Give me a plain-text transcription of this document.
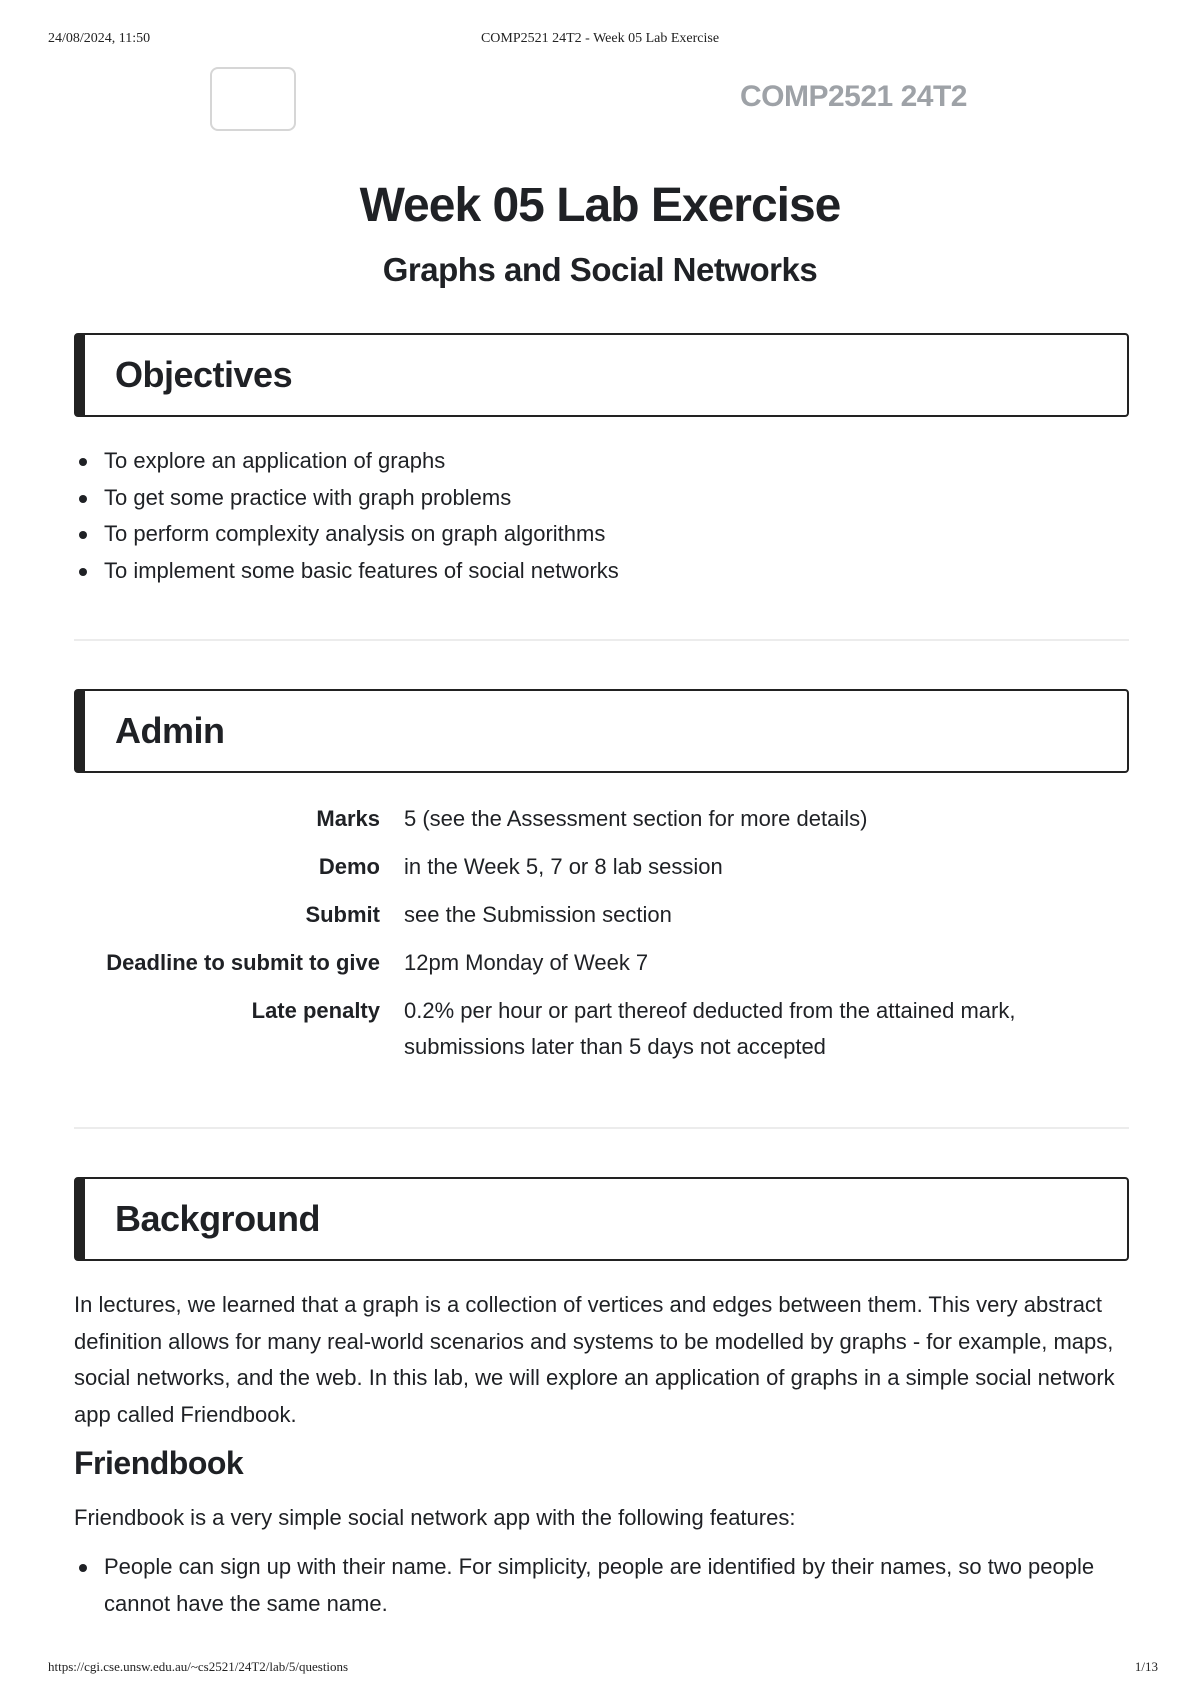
24/08/2024, 11:50	COMP2521 24T2 - Week 05 Lab Exercise
COMP2521 24T2
Week 05 Lab Exercise
Graphs and Social Networks
Objectives
To explore an application of graphs
To get some practice with graph problems
To perform complexity analysis on graph algorithms
To implement some basic features of social networks
Admin
Marks	5 (see the Assessment section for more details)
Demo	in the Week 5, 7 or 8 lab session
Submit	see the Submission section
Deadline to submit to give	12pm Monday of Week 7
Late penalty	0.2% per hour or part thereof deducted from the attained mark, submissions later than 5 days not accepted
Background

In lectures, we learned that a graph is a collection of vertices and edges between them. This very abstract definition allows for many real-world scenarios and systems to be modelled by graphs - for example, maps, social networks, and the web. In this lab, we will explore an application of graphs in a simple social network app called Friendbook.

Friendbook

Friendbook is a very simple social network app with the following features:

People can sign up with their name. For simplicity, people are identified by their names, so two people cannot have the same name.
https://cgi.cse.unsw.edu.au/~cs2521/24T2/lab/5/questions	1/13
